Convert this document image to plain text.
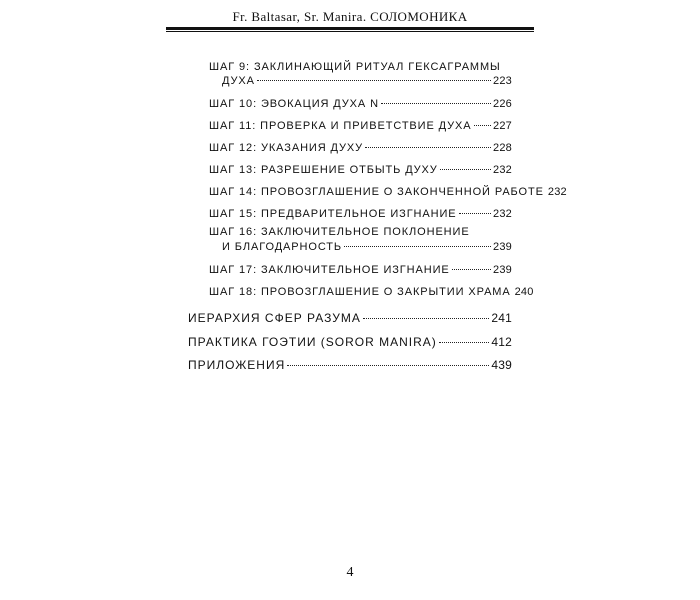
Fr. Baltasar, Sr. Manira. СОЛОМОНИКА
ШАГ 9: ЗАКЛИНАЮЩИЙ РИТУАЛ ГЕКСАГРАММЫ
ДУХА	223
ШАГ 10: ЭВОКАЦИЯ ДУХА N	226
ШАГ 11: ПРОВЕРКА И ПРИВЕТСТВИЕ ДУХА 227
ШАГ 12: УКАЗАНИЯ ДУХУ	228
ШАГ 13: РАЗРЕШЕНИЕ ОТБЫТЬ ДУХУ	232
ШАГ 14: ПРОВОЗГЛАШЕНИЕ О ЗАКОНЧЕННОЙ РАБОТЕ 232
ШАГ 15: ПРЕДВАРИТЕЛЬНОЕ ИЗГНАНИЕ	232
ШАГ 16: ЗАКЛЮЧИТЕЛЬНОЕ ПОКЛОНЕНИЕ
И БЛАГОДАРНОСТЬ	239
ШАГ 17: ЗАКЛЮЧИТЕЛЬНОЕ ИЗГНАНИЕ	239
ШАГ 18: ПРОВОЗГЛАШЕНИЕ О ЗАКРЫТИИ ХРАМА 240
ИЕРАРХИЯ СФЕР РАЗУМА	241
ПРАКТИКА ГОЭТИИ (SOROR MANIRA)	412
ПРИЛОЖЕНИЯ	439
4
